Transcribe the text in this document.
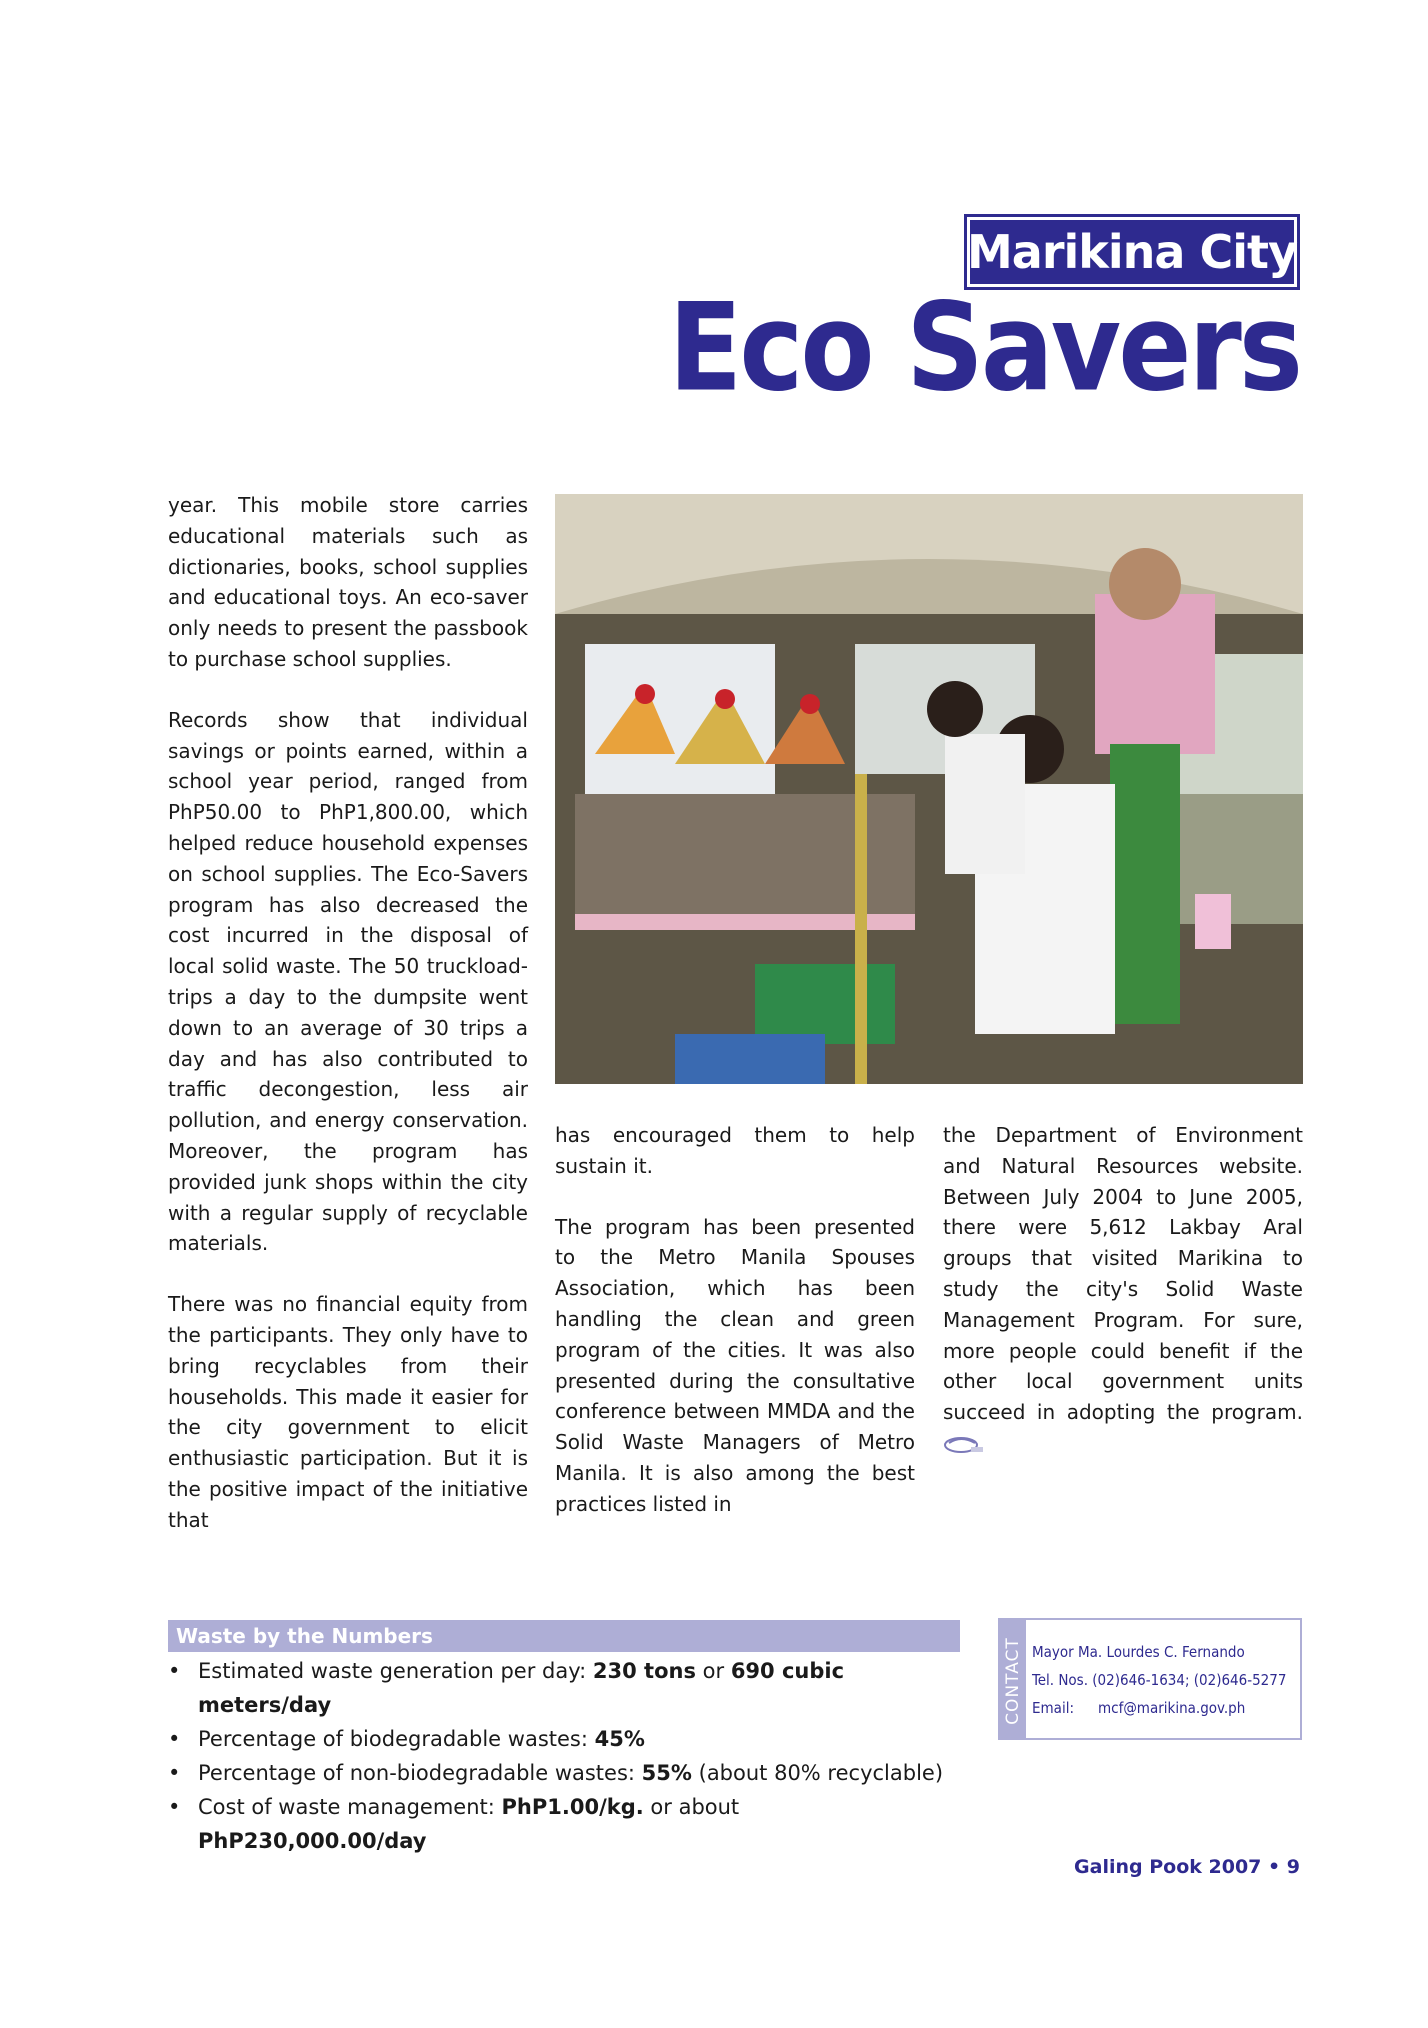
Marikina City
Eco Savers

year. This mobile store carries educational materials such as dictionaries, books, school supplies and educational toys. An eco-saver only needs to present the passbook to purchase school supplies.

Records show that individual savings or points earned, within a school year period, ranged from PhP50.00 to PhP1,800.00, which helped reduce household expenses on school supplies. The Eco-Savers program has also decreased the cost incurred in the disposal of local solid waste. The 50 truckload-trips a day to the dumpsite went down to an average of 30 trips a day and has also contributed to traffic decongestion, less air pollution, and energy conservation. Moreover, the program has provided junk shops within the city with a regular supply of recyclable materials.

There was no financial equity from the participants. They only have to bring recyclables from their households. This made it easier for the city government to elicit enthusiastic participation. But it is the positive impact of the initiative that

has encouraged them to help sustain it.

The program has been presented to the Metro Manila Spouses Association, which has been handling the clean and green program of the cities. It was also presented during the consultative conference between MMDA and the Solid Waste Managers of Metro Manila. It is also among the best practices listed in

the Department of Environment and Natural Resources website. Between July 2004 to June 2005, there were 5,612 Lakbay Aral groups that visited Marikina to study the city's Solid Waste Management Program. For sure, more people could benefit if the other local government units succeed in adopting the program.

Waste by the Numbers
• Estimated waste generation per day: 230 tons or 690 cubic meters/day
• Percentage of biodegradable wastes: 45%
• Percentage of non-biodegradable wastes: 55% (about 80% recyclable)
• Cost of waste management: PhP1.00/kg. or about PhP230,000.00/day
CONTACT Mayor Ma. Lourdes C. Fernando
Tel. Nos. (02)646-1634; (02)646-5277
Email: mcf@marikina.gov.ph
Galing Pook 2007 • 9
